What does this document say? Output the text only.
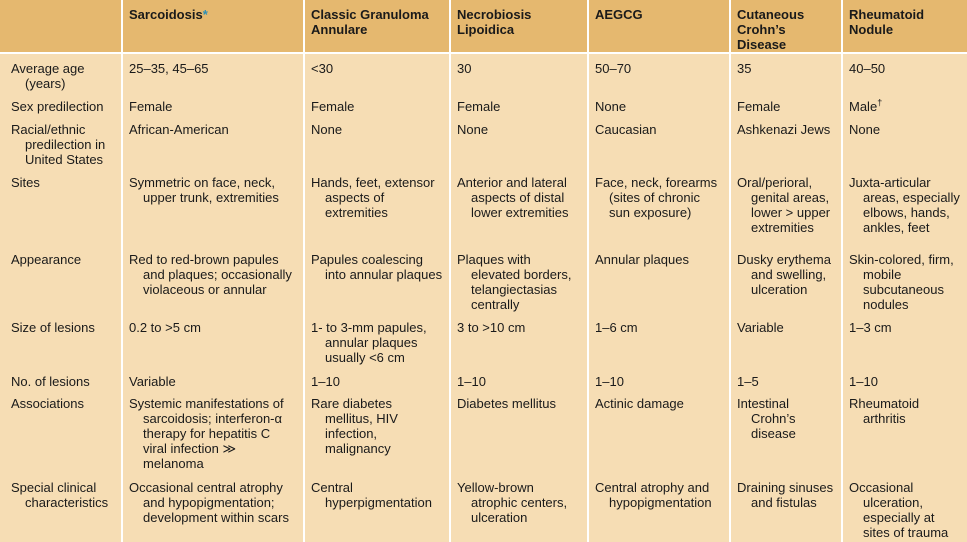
	Sarcoidosis*	Classic Granuloma Annulare	Necrobiosis Lipoidica	AEGCG	Cutaneous Crohn’s Disease	Rheumatoid Nodule

Average age (years)	25–35, 45–65	<30	30	50–70	35	40–50

Sex predilection	Female	Female	Female	None	Female	Male†

Racial/ethnic predilection in United States	African-American	None	None	Caucasian	Ashkenazi Jews	None

Sites	Symmetric on face, neck, upper trunk, extremities	Hands, feet, extensor aspects of extremities	Anterior and lateral aspects of distal lower extremities	Face, neck, forearms (sites of chronic sun exposure)	Oral/perioral, genital areas, lower > upper extremities	Juxta-articular areas, especially elbows, hands, ankles, feet

Appearance	Red to red-brown papules and plaques; occasionally violaceous or annular	Papules coalescing into annular plaques	Plaques with elevated borders, telangiectasias centrally	Annular plaques	Dusky erythema and swelling, ulceration	Skin-colored, firm, mobile subcutaneous nodules

Size of lesions	0.2 to >5 cm	1- to 3-mm papules, annular plaques usually <6 cm	3 to >10 cm	1–6 cm	Variable	1–3 cm

No. of lesions	Variable	1–10	1–10	1–10	1–5	1–10

Associations	Systemic manifestations of sarcoidosis; interferon-α therapy for hepatitis C viral infection ≫ melanoma	Rare diabetes mellitus, HIV infection, malignancy	Diabetes mellitus	Actinic damage	Intestinal Crohn’s disease	Rheumatoid arthritis

Special clinical characteristics	Occasional central atrophy and hypopigmentation; development within scars	Central hyperpigmentation	Yellow-brown atrophic centers, ulceration	Central atrophy and hypopigmentation	Draining sinuses and fistulas	Occasional ulceration, especially at sites of trauma
